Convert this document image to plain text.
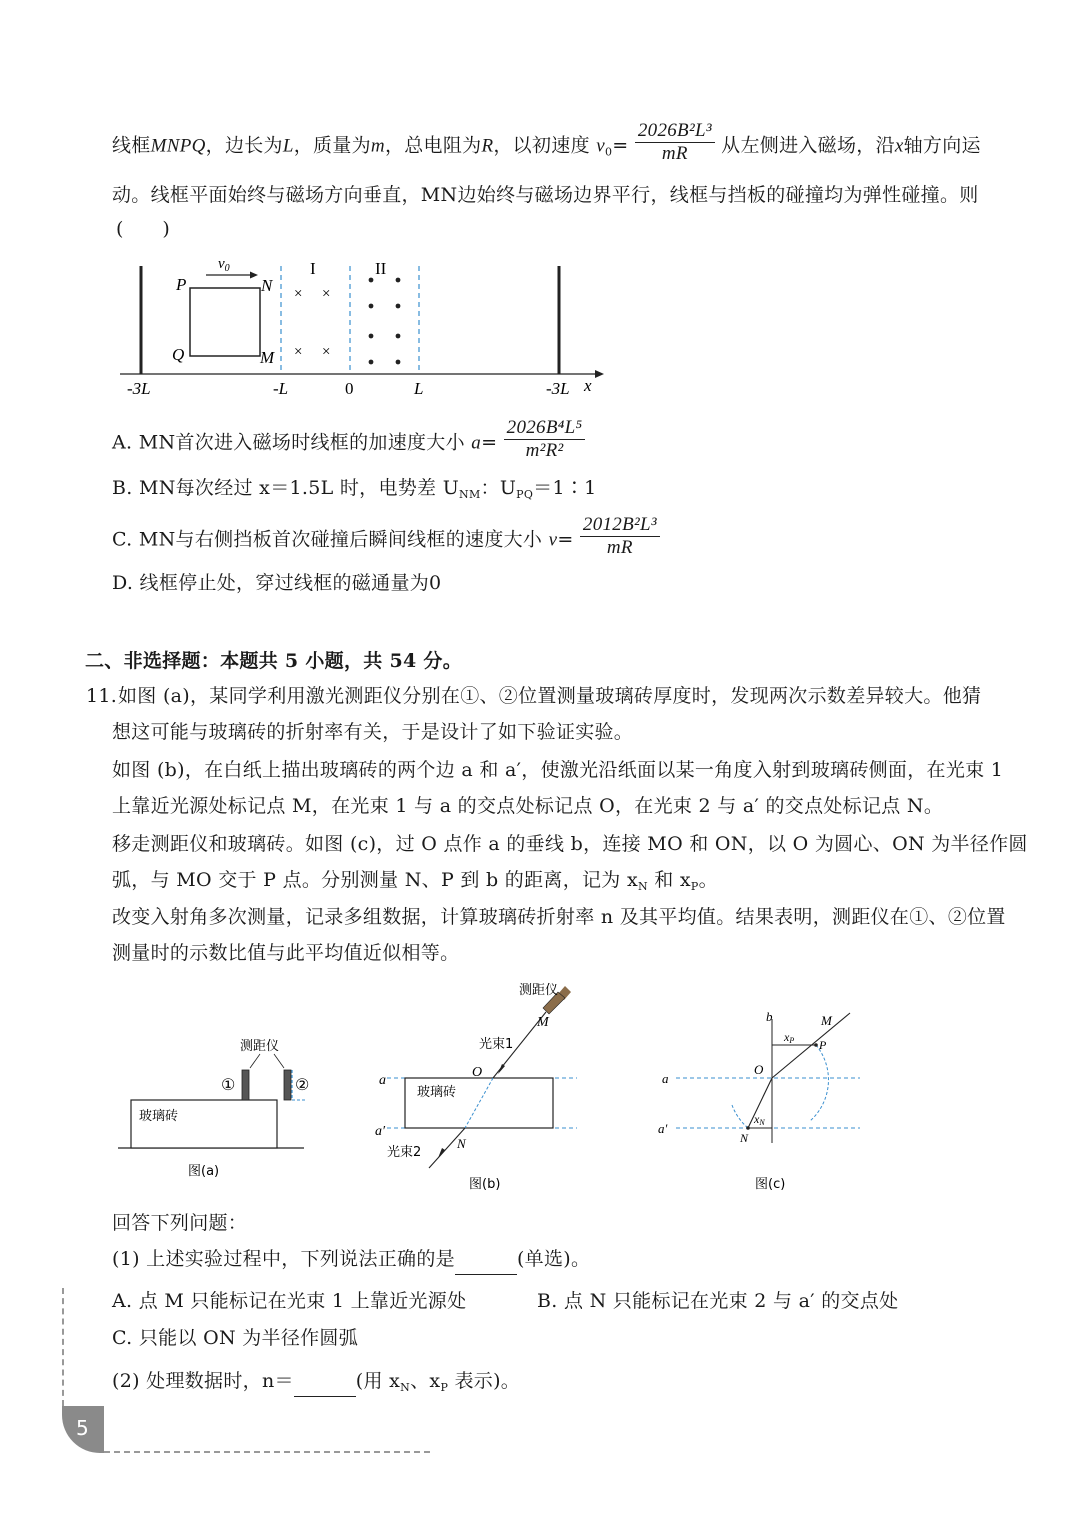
线框MNPQ，边长为L，质量为m，总电阻为R，以初速度 $v_0= \frac{\text{2026B²L³}}{mR}$ 从左侧进入磁场，沿x轴方向运
动。线框平面始终与磁场方向垂直，MN边始终与磁场边界平行，线框与挡板的碰撞均为弹性碰撞。则
(　　)
$v_0$
P	N
Q	M
I	II
× ×
× ×
-3L	-L	0	L	-3L x
A. MN首次进入磁场时线框的加速度大小 $a= \frac{\text{2026B⁴L⁵}}{\text{m²R²}}$
B. MN每次经过 x＝1.5L 时，电势差 $U_{NM}$：$U_{PQ}=1∶1$
C. MN与右侧挡板首次碰撞后瞬间线框的速度大小 $v= \frac{\text{2012B²L³}}{mR}$
D. 线框停止处，穿过线框的磁通量为0
二、非选择题：本题共 5 小题，共 54 分。
11. 如图 (a)，某同学利用激光测距仪分别在①、②位置测量玻璃砖厚度时，发现两次示数差异较大。他猜
想这可能与玻璃砖的折射率有关，于是设计了如下验证实验。
如图 (b)，在白纸上描出玻璃砖的两个边 a 和 a′，使激光沿纸面以某一角度入射到玻璃砖侧面，在光束 1
上靠近光源处标记点 M，在光束 1 与 a 的交点处标记点 O，在光束 2 与 a′ 的交点处标记点 N。
移走测距仪和玻璃砖。如图 (c)，过 O 点作 a 的垂线 b，连接 MO 和 ON，以 O 为圆心、ON 为半径作圆
弧，与 MO 交于 P 点。分别测量 N、P 到 b 的距离，记为 $x_N$ 和 $x_P$。
改变入射角多次测量，记录多组数据，计算玻璃砖折射率 n 及其平均值。结果表明，测距仪在①、②位置
测量时的示数比值与此平均值近似相等。
玻璃砖
测距仪
①	②
图(a)
玻璃砖
测距仪
M
光束1
O
a
a′
N
光束2
图(b)
b	M
xP P
O
a
a′
xN
N
图(c)
回答下列问题：
(1) 上述实验过程中，下列说法正确的是	(单选)。
A. 点 M 只能标记在光束 1 上靠近光源处	B. 点 N 只能标记在光束 2 与 a′ 的交点处
C. 只能以 ON 为半径作圆弧
(2) 处理数据时，n＝	(用 $x_N$、$x_P$ 表示)。
5
